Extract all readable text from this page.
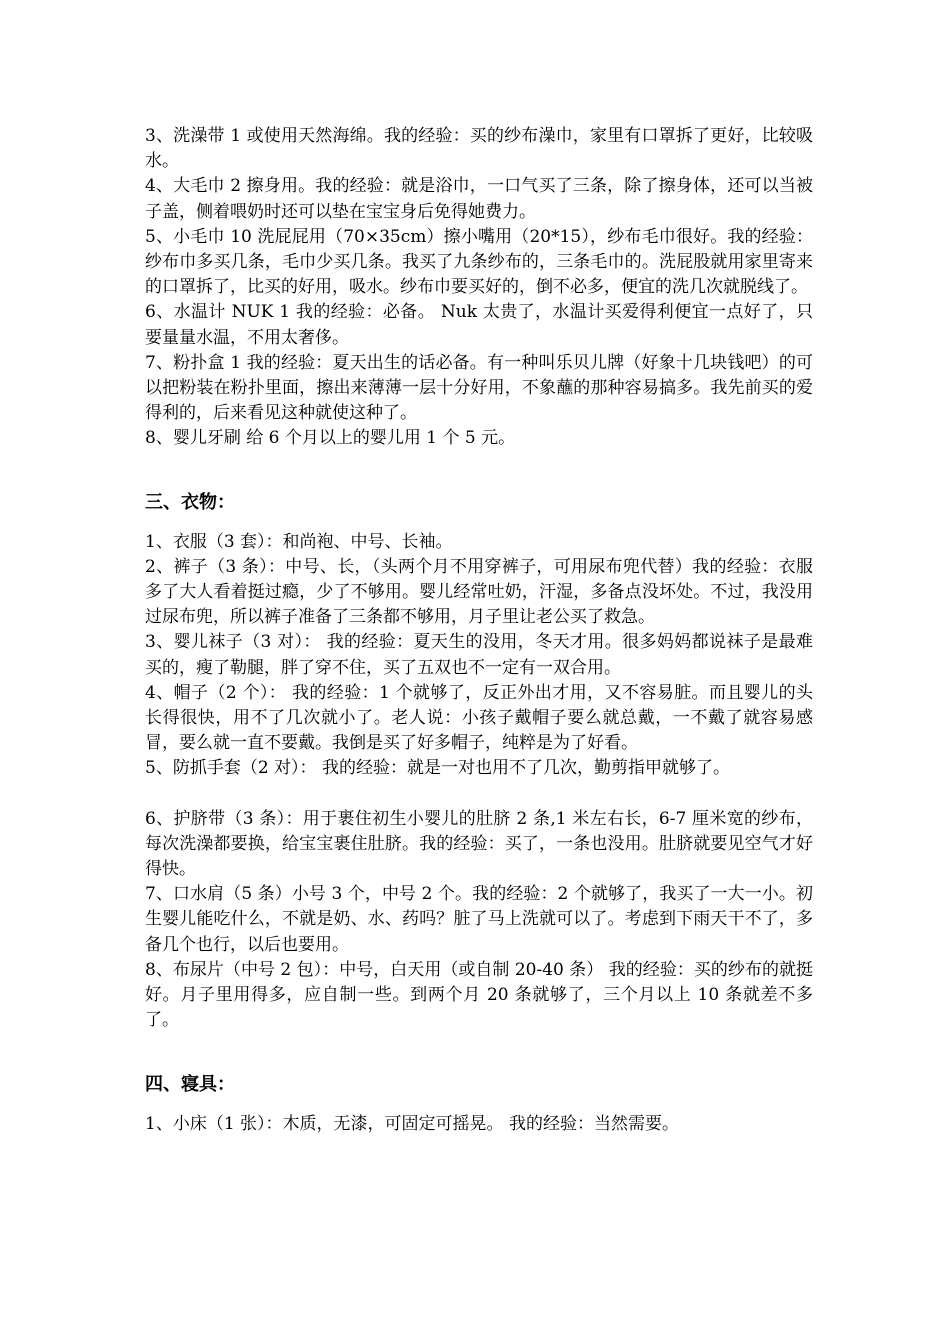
3、洗澡带 1 或使用天然海绵。我的经验：买的纱布澡巾，家里有口罩拆了更好，比较吸水。

4、大毛巾 2 擦身用。我的经验：就是浴巾，一口气买了三条，除了擦身体，还可以当被子盖，侧着喂奶时还可以垫在宝宝身后免得她费力。

5、小毛巾 10 洗屁屁用（70×35cm）擦小嘴用（20*15），纱布毛巾很好。我的经验：纱布巾多买几条，毛巾少买几条。我买了九条纱布的，三条毛巾的。洗屁股就用家里寄来的口罩拆了，比买的好用，吸水。纱布巾要买好的，倒不必多，便宜的洗几次就脱线了。

6、水温计 NUK 1 我的经验：必备。 Nuk 太贵了，水温计买爱得利便宜一点好了，只要量量水温，不用太奢侈。

7、粉扑盒 1 我的经验：夏天出生的话必备。有一种叫乐贝儿牌（好象十几块钱吧）的可以把粉装在粉扑里面，擦出来薄薄一层十分好用，不象蘸的那种容易搞多。我先前买的爱得利的，后来看见这种就使这种了。

8、婴儿牙刷 给 6 个月以上的婴儿用 1 个 5 元。

三、衣物：

1、衣服（3 套）：和尚袍、中号、长袖。

2、裤子（3 条）：中号、长，（头两个月不用穿裤子，可用尿布兜代替）我的经验：衣服多了大人看着挺过瘾，少了不够用。婴儿经常吐奶，汗湿，多备点没坏处。不过，我没用过尿布兜，所以裤子准备了三条都不够用，月子里让老公买了救急。

3、婴儿袜子（3 对）： 我的经验：夏天生的没用，冬天才用。很多妈妈都说袜子是最难买的，瘦了勒腿，胖了穿不住，买了五双也不一定有一双合用。

4、帽子（2 个）： 我的经验：1 个就够了，反正外出才用，又不容易脏。而且婴儿的头长得很快，用不了几次就小了。老人说：小孩子戴帽子要么就总戴，一不戴了就容易感冒，要么就一直不要戴。我倒是买了好多帽子，纯粹是为了好看。

5、防抓手套（2 对）： 我的经验：就是一对也用不了几次，勤剪指甲就够了。

6、护脐带（3 条）：用于裹住初生小婴儿的肚脐 2 条,1 米左右长，6-7 厘米宽的纱布，每次洗澡都要换，给宝宝裹住肚脐。我的经验：买了，一条也没用。肚脐就要见空气才好得快。

7、口水肩（5 条）小号 3 个，中号 2 个。我的经验：2 个就够了，我买了一大一小。初生婴儿能吃什么，不就是奶、水、药吗？脏了马上洗就可以了。考虑到下雨天干不了，多备几个也行，以后也要用。

8、布尿片（中号 2 包）：中号，白天用（或自制 20-40 条） 我的经验：买的纱布的就挺好。月子里用得多，应自制一些。到两个月 20 条就够了，三个月以上 10 条就差不多了。

四、寝具：

1、小床（1 张）：木质，无漆，可固定可摇晃。 我的经验：当然需要。
